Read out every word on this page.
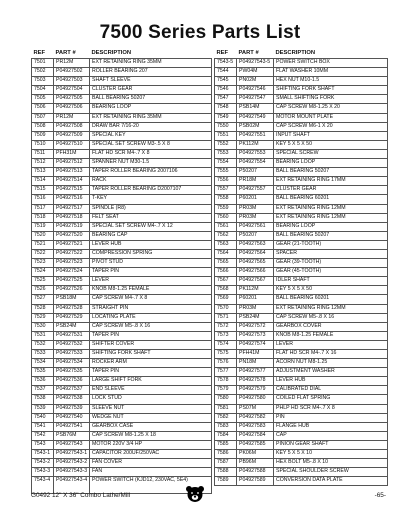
7500 Series Parts List
REF	PART #	DESCRIPTION
7501	PR12M	EXT RETAINING RING 35MM
7502	P04927502	ROLLER BEARING 207
7503	P04927503	SHAFT SLEEVE
7504	P04927504	CLUSTER GEAR
7505	P04927505	BALL BEARING 50207
7506	P04927506	BEARING LOOP
7507	PR12M	EXT RETAINING RING 35MM
7508	P04927508	DRAW BAR 7/16-20
7509	P04927509	SPECIAL KEY
7510	P04927510	SPECIAL SET SCREW M3-.5 X 8
7511	PFH31M	FLAT HD SCR M4-.7 X 8
7512	P04927512	SPANNER NUT M30-1.5
7513	P04927513	TAPER ROLLER BEARING 2007106
7514	P04927514	RACK
7515	P04927515	TAPER ROLLER BEARING D2007107
7516	P04927516	T-KEY
7517	P04927517	SPINDLE (R8)
7518	P04927518	FELT SEAT
7519	P04927519	SPECIAL SET SCREW M4-.7 X 12
7520	P04927520	BEARING CAP
7521	P04927521	LEVER HUB
7522	P04927522	COMPRESSION SPRING
7523	P04927523	PIVOT STUD
7524	P04927524	TAPER PIN
7525	P04927525	LEVER
7526	P04927526	KNOB M8-1.25 FEMALE
7527	PSB18M	CAP SCREW M4-.7 X 8
7528	P04927528	STRAIGHT PIN
7529	P04927529	LOCATING PLATE
7530	PSB24M	CAP SCREW M5-.8 X 16
7531	P04927531	TAPER PIN
7532	P04927532	SHIFTER COVER
7533	P04927533	SHIFTING FORK SHAFT
7534	P04927534	ROCKER ARM
7535	P04927535	TAPER PIN
7536	P04927536	LARGE SHIFT FORK
7537	P04927537	END SLEEVE
7538	P04927538	LOCK STUD
7539	P04927539	SLEEVE NUT
7540	P04927540	WEDGE NUT
7541	P04927541	GEARBOX CASE
7542	PSB76M	CAP SCREW M8-1.25 X 18
7543	P04927543	MOTOR 220V 3/4 HP
7543-1	P04927543-1	CAPACITOR 200UF/250VAC
7543-2	P04927543-2	FAN COVER
7543-3	P04927543-3	FAN
7543-4	P04927543-4	POWER SWITCH (KJD12, 230VAC, 5E4)
REF	PART #	DESCRIPTION
7543-5	P04927543-5	POWER SWITCH BOX
7544	PW04M	FLAT WASHER 10MM
7545	PN02M	HEX NUT M10-1.5
7546	P04927546	SHIFTING FORK SHAFT
7547	P04927547	SMALL SHIFTING FORK
7548	PSB14M	CAP SCREW M8-1.25 X 20
7549	P04927549	MOTOR MOUNT PLATE
7550	PSB02M	CAP SCREW M6-1 X 20
7551	P04927551	INPUT SHAFT
7552	PK112M	KEY 5 X 5 X 50
7553	P04927553	SPECIAL SCREW
7554	P04927554	BEARING LOOP
7555	P50207	BALL BEARING 50207
7556	PR18M	EXT RETAINING RING 17MM
7557	P04927557	CLUSTER GEAR
7558	P60201	BALL BEARING 60201
7559	PR03M	EXT RETAINING RING 12MM
7560	PR03M	EXT RETAINING RING 12MM
7561	P04927561	BEARING LOOP
7562	P50207	BALL BEARING 50207
7563	P04927563	GEAR (21-TOOTH)
7564	P04927564	SPACER
7565	P04927565	GEAR (39-TOOTH)
7566	P04927566	GEAR (45-TOOTH)
7567	P04927567	IDLER SHAFT
7568	PK112M	KEY 5 X 5 X 50
7569	P60201	BALL BEARING 60201
7570	PR03M	EXT RETAINING RING 12MM
7571	PSB24M	CAP SCREW M5-.8 X 16
7572	P04927572	GEARBOX COVER
7573	P04927573	KNOB M8-1.25 FEMALE
7574	P04927574	LEVER
7575	PFH41M	FLAT HD SCR M4-.7 X 16
7576	PN18M	ACORN NUT M8-1.25
7577	P04927577	ADJUSTMENT WASHER
7578	P04927578	LEVER HUB
7579	P04927579	CALIBRATED DIAL
7580	P04927580	COILED FLAT SPRING
7581	PS07M	PHLP HD SCR M4-.7 X 8
7582	P04927582	PIN
7583	P04927583	FLANGE HUB
7584	P04927584	CAP
7585	P04927585	PINION GEAR SHAFT
7586	PK06M	KEY 5 X 5 X 10
7587	PB96M	HEX BOLT M5-.8 X 10
7588	P04927588	SPECIAL SHOULDER SCREW
7589	P04927589	CONVERSION DATA PLATE
G0492 12" X 36" Combo Lathe/Mill	-65-
